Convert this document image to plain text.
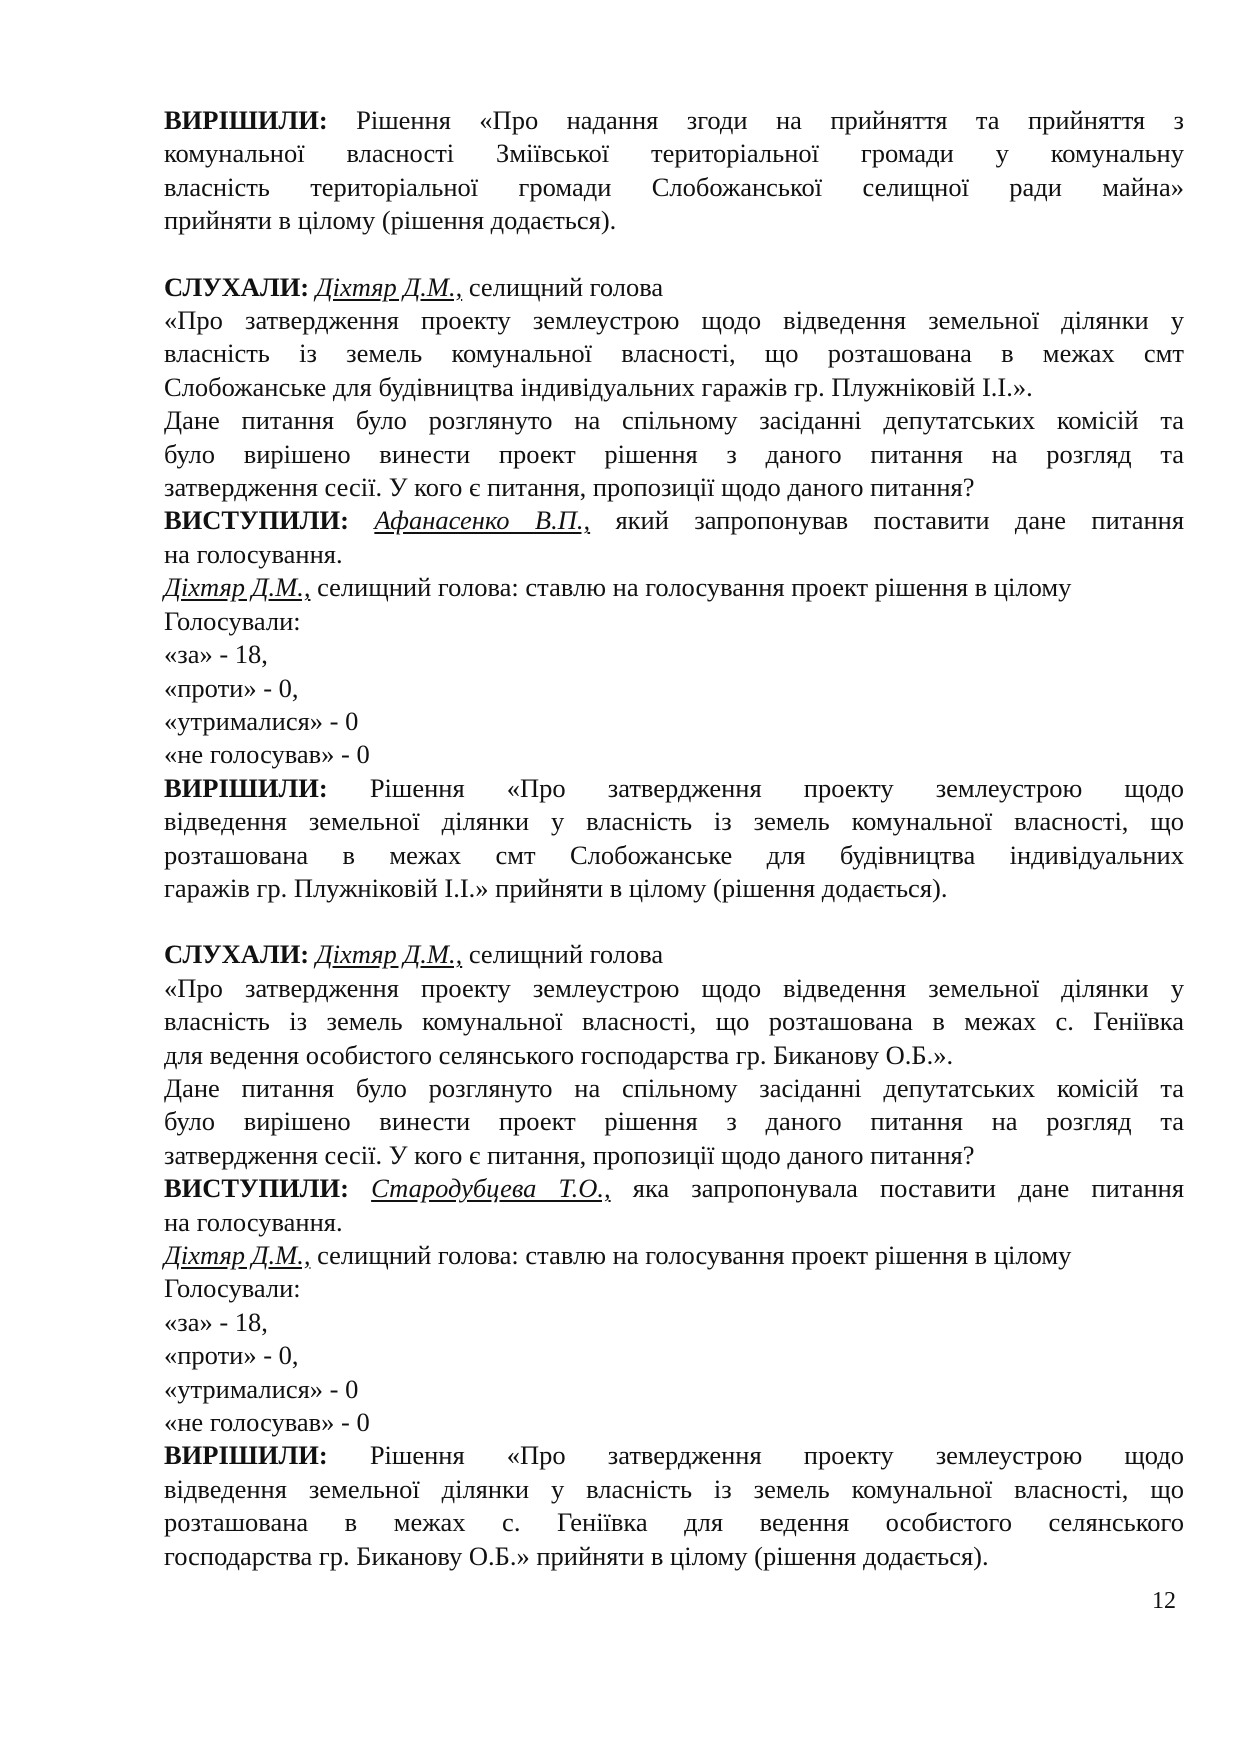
ВИРІШИЛИ: Рішення «Про надання згоди на прийняття та прийняття з
комунальної власності Зміївської територіальної громади у комунальну
власність територіальної громади Слобожанської селищної ради майна»
прийняти в цілому (рішення додається).
СЛУХАЛИ: Діхтяр Д.М., селищний голова
«Про затвердження проекту землеустрою щодо відведення земельної ділянки у
власність із земель комунальної власності, що розташована в межах смт
Слобожанське для будівництва індивідуальних гаражів гр. Плужніковій І.І.».
Дане питання було розглянуто на спільному засіданні депутатських комісій та
було вирішено винести проект рішення з даного питання на розгляд та
затвердження сесії. У кого є питання, пропозиції щодо даного питання?
ВИСТУПИЛИ: Афанасенко В.П., який запропонував поставити дане питання
на голосування.
Діхтяр Д.М., селищний голова: ставлю на голосування проект рішення в цілому
Голосували:
«за» - 18,
«проти» - 0,
«утрималися» - 0
«не голосував» - 0
ВИРІШИЛИ: Рішення «Про затвердження проекту землеустрою щодо
відведення земельної ділянки у власність із земель комунальної власності, що
розташована в межах смт Слобожанське для будівництва індивідуальних
гаражів гр. Плужніковій І.І.» прийняти в цілому (рішення додається).
СЛУХАЛИ: Діхтяр Д.М., селищний голова
«Про затвердження проекту землеустрою щодо відведення земельної ділянки у
власність із земель комунальної власності, що розташована в межах с. Геніївка
для ведення особистого селянського господарства гр. Биканову О.Б.».
Дане питання було розглянуто на спільному засіданні депутатських комісій та
було вирішено винести проект рішення з даного питання на розгляд та
затвердження сесії. У кого є питання, пропозиції щодо даного питання?
ВИСТУПИЛИ: Стародубцева Т.О., яка запропонувала поставити дане питання
на голосування.
Діхтяр Д.М., селищний голова: ставлю на голосування проект рішення в цілому
Голосували:
«за» - 18,
«проти» - 0,
«утрималися» - 0
«не голосував» - 0
ВИРІШИЛИ: Рішення «Про затвердження проекту землеустрою щодо
відведення земельної ділянки у власність із земель комунальної власності, що
розташована в межах с. Геніївка для ведення особистого селянського
господарства гр. Биканову О.Б.» прийняти в цілому (рішення додається).
12
